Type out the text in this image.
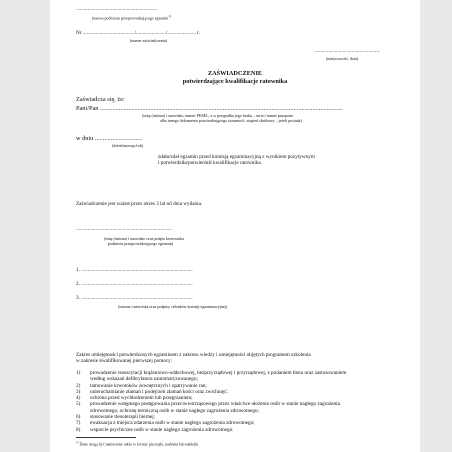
...............................................................
(nazwa podmiotu przeprowadzającego egzamin$^{1)}$
Nr ......................................../......................./...................... r.
(numer zaświadczenia)
...................................................
(miejscowość, data)
ZAŚWIADCZENIE
potwierdzające kwalifikacje ratownika
Zaświadcza się, że:
Pani/Pan ..........................................................................................................................................................
(imię (imiona) i nazwisko, numer PESEL, a w przypadku jego braku – seria i numer paszportu
albo innego dokumentu potwierdzającego tożsamość, stopień służbowy – jeżeli posiada)
w dniu ..............................
(dzień/miesiąc/rok)
zdała/zdał egzamin przed komisją egzaminacyjną z wynikiem pozytywnym
i potwierdziła/potwierdził kwalifikacje ratownika.
Zaświadczenie jest ważne przez okres 3 lat od dnia wydania.
..........................................................................
(imię (imiona) i nazwisko oraz podpis kierownika
podmiotu przeprowadzającego egzamin)
1. ......................................................................................
2. ......................................................................................
3. ......................................................................................
(imiona i nazwiska oraz podpisy członków komisji egzaminacyjnej)
Zakres umiejętności potwierdzonych egzaminem z zakresu wiedzy i umiejętności objętych programem szkolenia
w zakresie kwalifikowanej pierwszej pomocy:
1)	prowadzenie resuscytacji krążeniowo-oddechowej, bezprzyrządowej i przyrządowej, z podaniem tlenu oraz zastosowaniem według wskazań defibrylatora zautomatyzowanego;
2)	tamowanie krwotoków zewnętrznych i opatrywanie ran;
3)	unieruchamianie złamań i podejrzeń złamań kości oraz zwichnięć;
4)	ochrona przed wychłodzeniem lub przegrzaniem;
5)	prowadzenie wstępnego postępowania przeciwwstrząsowego przez właściwe ułożenie osób w stanie nagłego zagrożenia zdrowotnego, ochronę termiczną osób w stanie nagłego zagrożenia zdrowotnego;
6)	stosowanie tlenoterapii biernej;
7)	ewakuacja z miejsca zdarzenia osób w stanie nagłego zagrożenia zdrowotnego;
8)	wsparcie psychiczne osób w stanie nagłego zagrożenia zdrowotnego.
$^{1)}$ Dane mogą być naniesione także w formie pieczątki, nadruku lub naklejki.
